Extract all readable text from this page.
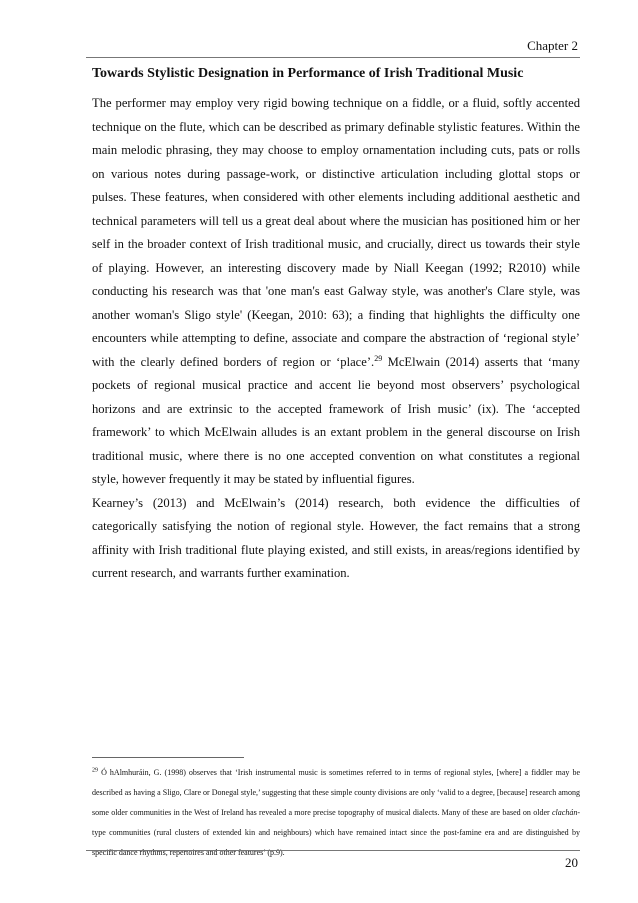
Chapter 2
Towards Stylistic Designation in Performance of Irish Traditional Music

The performer may employ very rigid bowing technique on a fiddle, or a fluid, softly accented technique on the flute, which can be described as primary definable stylistic features. Within the main melodic phrasing, they may choose to employ ornamentation including cuts, pats or rolls on various notes during passage-work, or distinctive articulation including glottal stops or pulses. These features, when considered with other elements including additional aesthetic and technical parameters will tell us a great deal about where the musician has positioned him or her self in the broader context of Irish traditional music, and crucially, direct us towards their style of playing. However, an interesting discovery made by Niall Keegan (1992; R2010) while conducting his research was that 'one man's east Galway style, was another's Clare style, was another woman's Sligo style' (Keegan, 2010: 63); a finding that highlights the difficulty one encounters while attempting to define, associate and compare the abstraction of ‘regional style’ with the clearly defined borders of region or ‘place’.$^{29}$ McElwain (2014) asserts that ‘many pockets of regional musical practice and accent lie beyond most observers’ psychological horizons and are extrinsic to the accepted framework of Irish music’ (ix). The ‘accepted framework’ to which McElwain alludes is an extant problem in the general discourse on Irish traditional music, where there is no one accepted convention on what constitutes a regional style, however frequently it may be stated by influential figures.

Kearney’s (2013) and McElwain’s (2014) research, both evidence the difficulties of categorically satisfying the notion of regional style. However, the fact remains that a strong affinity with Irish traditional flute playing existed, and still exists, in areas/regions identified by current research, and warrants further examination.

$^{29}$ Ó hAlmhuráin, G. (1998) observes that ‘Irish instrumental music is sometimes referred to in terms of regional styles, [where] a fiddler may be described as having a Sligo, Clare or Donegal style,’ suggesting that these simple county divisions are only ‘valid to a degree, [because] research among some older communities in the West of Ireland has revealed a more precise topography of musical dialects. Many of these are based on older clachán- type communities (rural clusters of extended kin and neighbours) which have remained intact since the post-famine era and are distinguished by specific dance rhythms, repertoires and other features’ (p.9).

20
